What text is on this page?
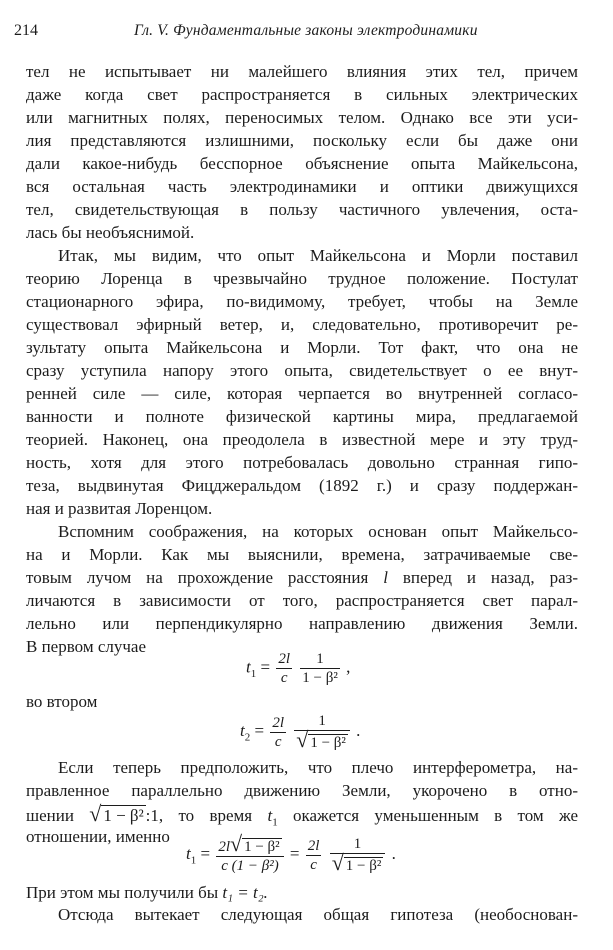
214	Гл. V. Фундаментальные законы электродинамики
тел не испытывает ни малейшего влияния этих тел, причем
даже когда свет распространяется в сильных электрических
или магнитных полях, переносимых телом. Однако все эти уси-
лия представляются излишними, поскольку если бы даже они
дали какое-нибудь бесспорное объяснение опыта Майкельсона,
вся остальная часть электродинамики и оптики движущихся
тел, свидетельствующая в пользу частичного увлечения, оста-
лась бы необъяснимой.
Итак, мы видим, что опыт Майкельсона и Морли поставил
теорию Лоренца в чрезвычайно трудное положение. Постулат
стационарного эфира, по-видимому, требует, чтобы на Земле
существовал эфирный ветер, и, следовательно, противоречит ре-
зультату опыта Майкельсона и Морли. Тот факт, что она не
сразу уступила напору этого опыта, свидетельствует о ее внут-
ренней силе — силе, которая черпается во внутренней согласо-
ванности и полноте физической картины мира, предлагаемой
теорией. Наконец, она преодолела в известной мере и эту труд-
ность, хотя для этого потребовалась довольно странная гипо-
теза, выдвинутая Фицджеральдом (1892 г.) и сразу поддержан-
ная и развитая Лоренцом.
Вспомним соображения, на которых основан опыт Майкельсо-
на и Морли. Как мы выяснили, времена, затрачиваемые све-
товым лучом на прохождение расстояния l вперед и назад, раз-
личаются в зависимости от того, распространяется свет парал-
лельно или перпендикулярно направлению движения Земли.
В первом случае
$t_1 = \frac{2l}{c}$
$\frac{1}{\text{1 − β²}}$ ,
во втором
$t_2 = \frac{2l}{c}$
$\frac{1}{\text{√ 1 − β²}}$ .
Если теперь предположить, что плечо интерферометра, на-
правленное параллельно движению Земли, укорочено в отно-
шении √ 1 − β² :1, то время $t_1$ окажется уменьшенным в том же
отношении, именно
$t_1 = \frac{\text{2l√ 1 − β²}}{\text{c (1 − β²)}} = \frac{2l}{c}$
$\frac{1}{\text{√ 1 − β²}}$ .
При этом мы получили бы t₁ = t₂.
Отсюда вытекает следующая общая гипотеза (необоснован-
